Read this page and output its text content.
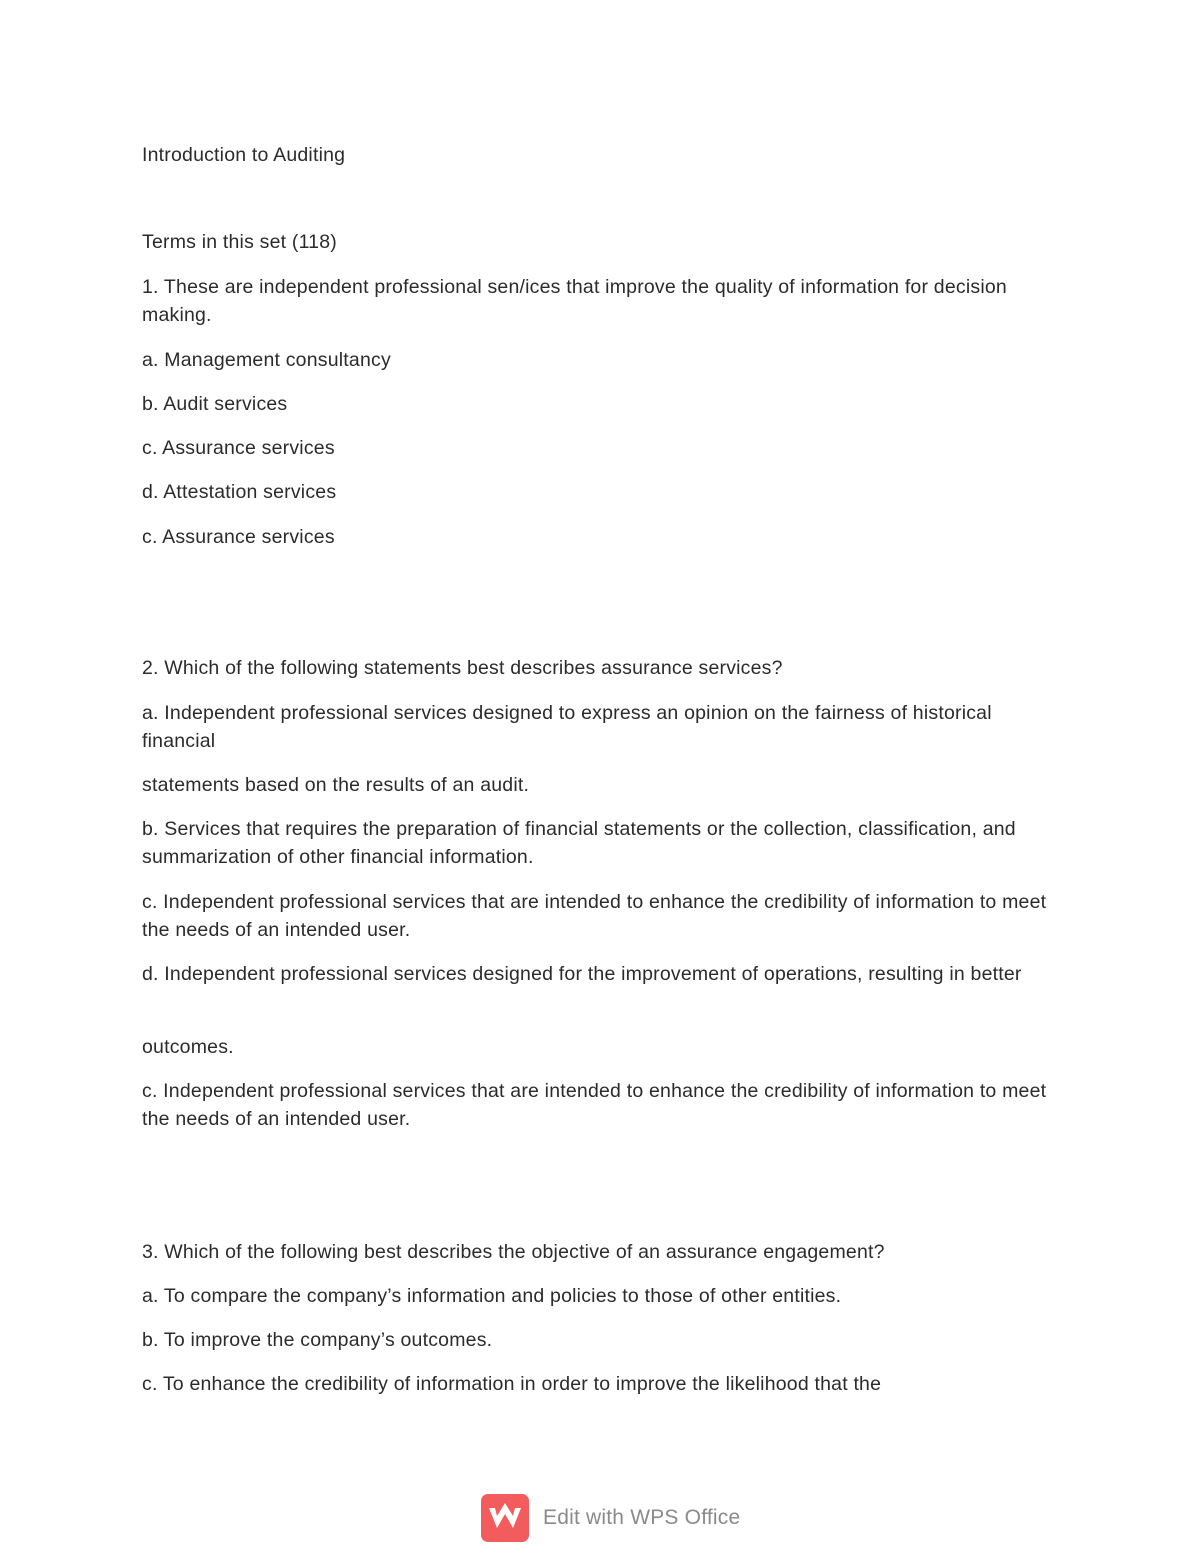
Introduction to Auditing

Terms in this set (118)

1. These are independent professional sen/ices that improve the quality of information for decision making.

a. Management consultancy

b. Audit services

c. Assurance services

d. Attestation services

c. Assurance services

2. Which of the following statements best describes assurance services?

a. Independent professional services designed to express an opinion on the fairness of historical financial

statements based on the results of an audit.

b. Services that requires the preparation of financial statements or the collection, classification, and summarization of other financial information.

c. Independent professional services that are intended to enhance the credibility of information to meet the needs of an intended user.

d. Independent professional services designed for the improvement of operations, resulting in better

outcomes.

c. Independent professional services that are intended to enhance the credibility of information to meet the needs of an intended user.

3. Which of the following best describes the objective of an assurance engagement?

a. To compare the company’s information and policies to those of other entities.

b. To improve the company’s outcomes.

c. To enhance the credibility of information in order to improve the likelihood that the

Edit with WPS Office
